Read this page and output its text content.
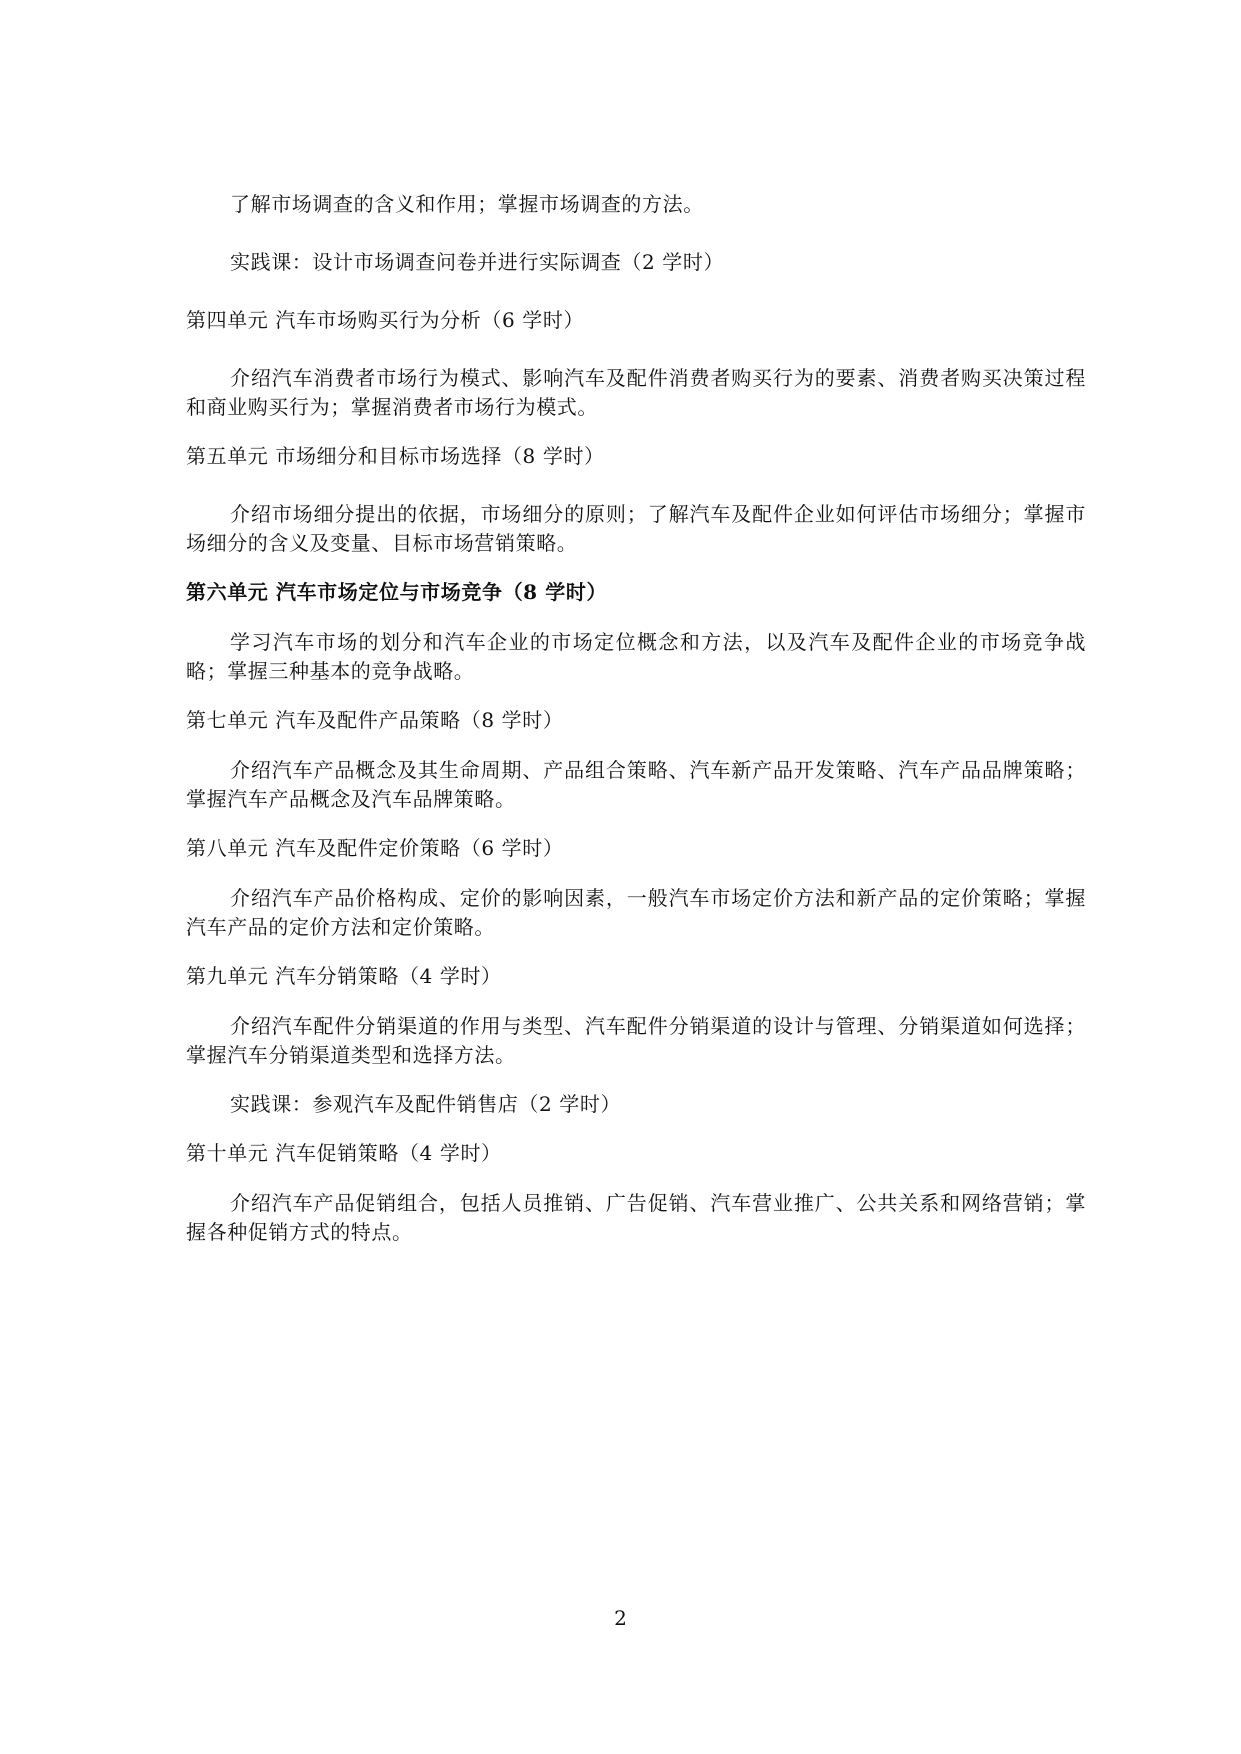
了解市场调查的含义和作用；掌握市场调查的方法。

实践课：设计市场调查问卷并进行实际调查（2 学时）

第四单元 汽车市场购买行为分析（6 学时）

介绍汽车消费者市场行为模式、影响汽车及配件消费者购买行为的要素、消费者购买决策过程和商业购买行为；掌握消费者市场行为模式。

第五单元 市场细分和目标市场选择（8 学时）

介绍市场细分提出的依据，市场细分的原则；了解汽车及配件企业如何评估市场细分；掌握市场细分的含义及变量、目标市场营销策略。

第六单元 汽车市场定位与市场竞争（8 学时）

学习汽车市场的划分和汽车企业的市场定位概念和方法，以及汽车及配件企业的市场竞争战略；掌握三种基本的竞争战略。

第七单元 汽车及配件产品策略（8 学时）

介绍汽车产品概念及其生命周期、产品组合策略、汽车新产品开发策略、汽车产品品牌策略；掌握汽车产品概念及汽车品牌策略。

第八单元 汽车及配件定价策略（6 学时）

介绍汽车产品价格构成、定价的影响因素，一般汽车市场定价方法和新产品的定价策略；掌握汽车产品的定价方法和定价策略。

第九单元 汽车分销策略（4 学时）

介绍汽车配件分销渠道的作用与类型、汽车配件分销渠道的设计与管理、分销渠道如何选择；掌握汽车分销渠道类型和选择方法。

实践课：参观汽车及配件销售店（2 学时）

第十单元 汽车促销策略（4 学时）

介绍汽车产品促销组合，包括人员推销、广告促销、汽车营业推广、公共关系和网络营销；掌握各种促销方式的特点。

2
